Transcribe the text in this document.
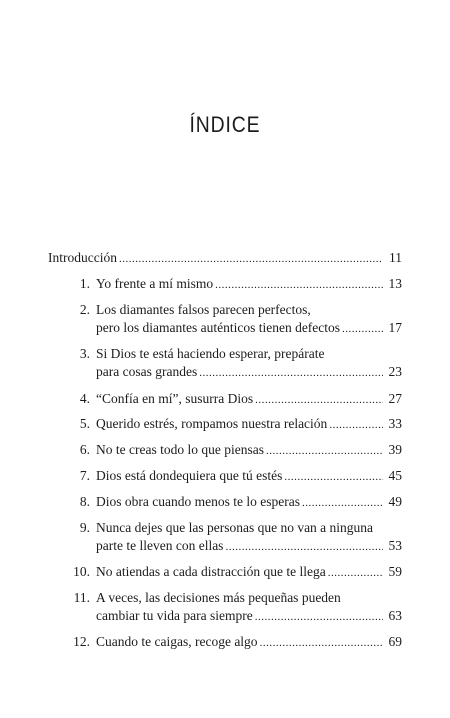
ÍNDICE
Introducción .....	11
1. Yo frente a mí mismo .....	13
2. Los diamantes falsos parecen perfectos,
pero los diamantes auténticos tienen defectos .....	17
3. Si Dios te está haciendo esperar, prepárate
para cosas grandes .....	23
4. “Confía en mí”, susurra Dios .....	27
5. Querido estrés, rompamos nuestra relación .....	33
6. No te creas todo lo que piensas .....	39
7. Dios está dondequiera que tú estés .....	45
8. Dios obra cuando menos te lo esperas .....	49
9. Nunca dejes que las personas que no van a ninguna
parte te lleven con ellas .....	53
10. No atiendas a cada distracción que te llega .....	59
11. A veces, las decisiones más pequeñas pueden
cambiar tu vida para siempre .....	63
12. Cuando te caigas, recoge algo .....	69
